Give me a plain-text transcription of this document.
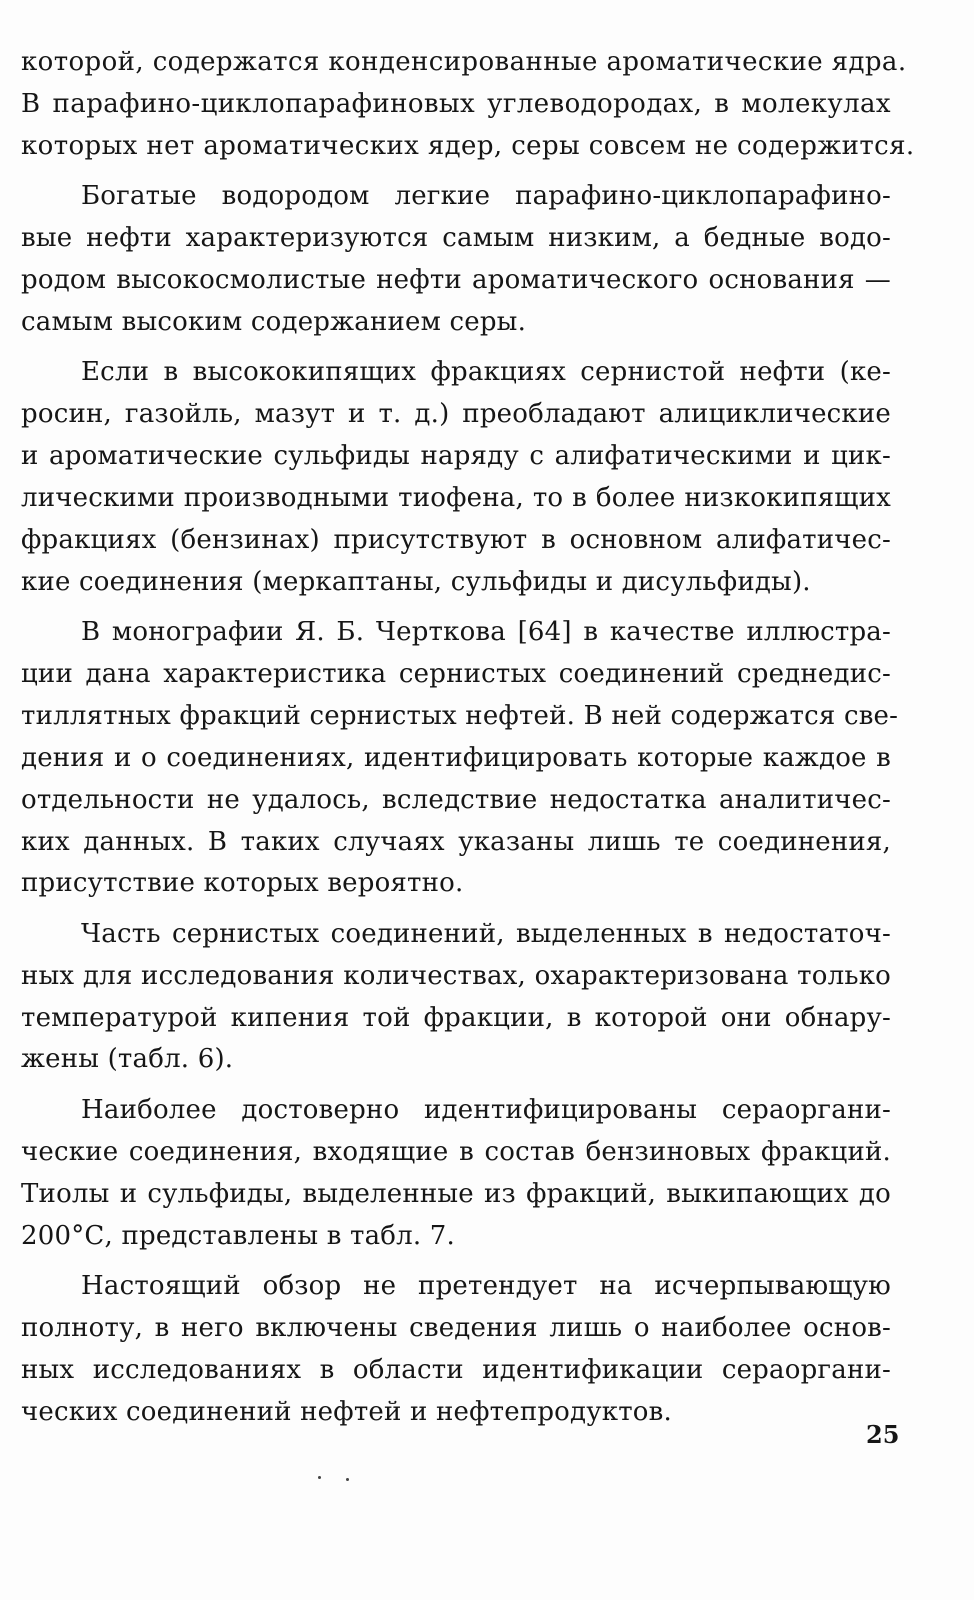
которой, содержатся конденсированные ароматические ядра.
В парафино-циклопарафиновых углеводородах, в молекулах
которых нет ароматических ядер, серы совсем не содержится.
Богатые водородом легкие парафино-циклопарафино-
вые нефти характеризуются самым низким, а бедные водо-
родом высокосмолистые нефти ароматического основания —
самым высоким содержанием серы.
Если в высококипящих фракциях сернистой нефти (ке-
росин, газойль, мазут и т. д.) преобладают алициклические
и ароматические сульфиды наряду с алифатическими и цик-
лическими производными тиофена, то в более низкокипящих
фракциях (бензинах) присутствуют в основном алифатичес-
кие соединения (меркаптаны, сульфиды и дисульфиды).
В монографии Я. Б. Черткова [64] в качестве иллюстра-
ции дана характеристика сернистых соединений среднедис-
тиллятных фракций сернистых нефтей. В ней содержатся све-
дения и о соединениях, идентифицировать которые каждое в
отдельности не удалось, вследствие недостатка аналитичес-
ких данных. В таких случаях указаны лишь те соединения,
присутствие которых вероятно.
Часть сернистых соединений, выделенных в недостаточ-
ных для исследования количествах, охарактеризована только
температурой кипения той фракции, в которой они обнару-
жены (табл. 6).
Наиболее достоверно идентифицированы сераоргани-
ческие соединения, входящие в состав бензиновых фракций.
Тиолы и сульфиды, выделенные из фракций, выкипающих до
200°С, представлены в табл. 7.
Настоящий обзор не претендует на исчерпывающую
полноту, в него включены сведения лишь о наиболее основ-
ных исследованиях в области идентификации сераоргани-
ческих соединений нефтей и нефтепродуктов.
25
